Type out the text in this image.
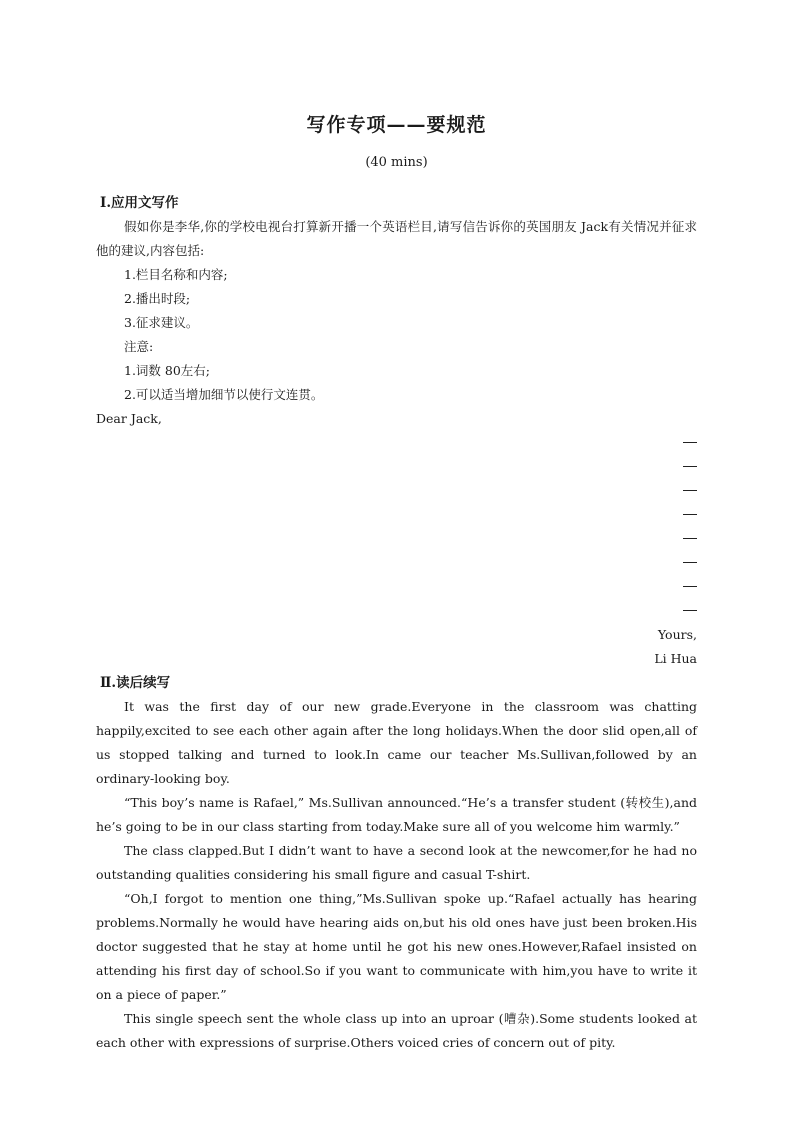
写作专项——要规范
(40 mins)
Ⅰ.应用文写作

假如你是李华,你的学校电视台打算新开播一个英语栏目,请写信告诉你的英国朋友 Jack有关情况并征求他的建议,内容包括:

1.栏目名称和内容;
2.播出时段;
3.征求建议。
注意:
1.词数 80左右;
2.可以适当增加细节以使行文连贯。
Dear Jack,
Yours,
Li Hua
Ⅱ.读后续写

It was the first day of our new grade.Everyone in the classroom was chatting happily,excited to see each other again after the long holidays.When the door slid open,all of us stopped talking and turned to look.In came our teacher Ms.Sullivan,followed by an ordinary-looking boy.

“This boy’s name is Rafael,” Ms.Sullivan announced.“He’s a transfer student (转校生),and he’s going to be in our class starting from today.Make sure all of you welcome him warmly.”

The class clapped.But I didn’t want to have a second look at the newcomer,for he had no outstanding qualities considering his small figure and casual T-shirt.

“Oh,I forgot to mention one thing,”Ms.Sullivan spoke up.“Rafael actually has hearing problems.Normally he would have hearing aids on,but his old ones have just been broken.His doctor suggested that he stay at home until he got his new ones.However,Rafael insisted on attending his first day of school.So if you want to communicate with him,you have to write it on a piece of paper.”

This single speech sent the whole class up into an uproar (嘈杂).Some students looked at each other with expressions of surprise.Others voiced cries of concern out of pity.
